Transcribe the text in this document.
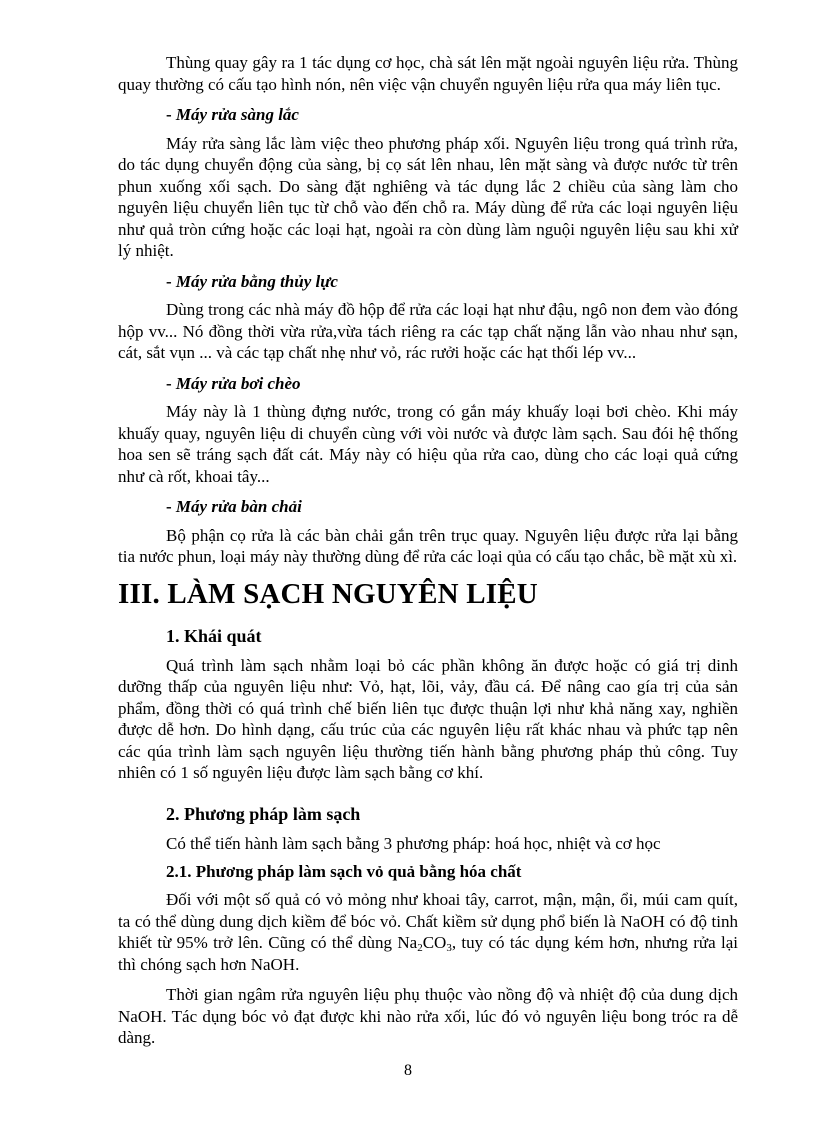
Thùng quay gây ra 1 tác dụng cơ học, chà sát lên mặt ngoài nguyên liệu rửa. Thùng quay thường có cấu tạo hình nón, nên việc vận chuyển nguyên liệu rửa qua máy liên tục.

- Máy rửa sàng lắc

Máy rửa sàng lắc làm việc theo phương pháp xối. Nguyên liệu trong quá trình rửa, do tác dụng chuyển động của sàng, bị cọ sát lên nhau, lên mặt sàng và được nước từ trên phun xuống xối sạch. Do sàng đặt nghiêng và tác dụng lắc 2 chiều của sàng làm cho nguyên liệu chuyển liên tục từ chỗ vào đến chỗ ra. Máy dùng để rửa các loại nguyên liệu như quả tròn cứng hoặc các loại hạt, ngoài ra còn dùng làm nguội nguyên liệu sau khi xử lý nhiệt.

- Máy rửa bằng thủy lực

Dùng trong các nhà máy đồ hộp để rửa các loại hạt như đậu, ngô non đem vào đóng hộp vv... Nó đồng thời vừa rửa,vừa tách riêng ra các tạp chất nặng lẫn vào nhau như sạn, cát, sắt vụn ... và các tạp chất nhẹ như vỏ, rác rưởi hoặc các hạt thối lép vv...

- Máy rửa bơi chèo

Máy này là 1 thùng đựng nước, trong có gắn máy khuấy loại bơi chèo. Khi máy khuấy quay, nguyên liệu di chuyển cùng với vòi nước và được làm sạch. Sau đói hệ thống hoa sen sẽ tráng sạch đất cát. Máy này có hiệu qủa rửa cao, dùng cho các loại quả cứng như cà rốt, khoai tây...

- Máy rửa bàn chải

Bộ phận cọ rửa là các bàn chải gắn trên trục quay. Nguyên liệu được rửa lại bằng tia nước phun, loại máy này thường dùng để rửa các loại qủa có cấu tạo chắc, bề mặt xù xì.

III. LÀM SẠCH NGUYÊN LIỆU
1. Khái quát

Quá trình làm sạch nhằm loại bỏ các phần không ăn được hoặc có giá trị dinh dưỡng thấp của nguyên liệu như: Vỏ, hạt, lõi, vảy, đầu cá. Để nâng cao gía trị của sản phẩm, đồng thời có quá trình chế biến liên tục được thuận lợi như khả năng xay, nghiền được dễ hơn. Do hình dạng, cấu trúc của các nguyên liệu rất khác nhau và phức tạp nên các qúa trình làm sạch nguyên liệu thường tiến hành bằng phương pháp thủ công. Tuy nhiên có 1 số nguyên liệu được làm sạch bằng cơ khí.

2. Phương pháp làm sạch

Có thể tiến hành làm sạch bằng 3 phương pháp: hoá học, nhiệt và cơ học

2.1. Phương pháp làm sạch vỏ quả bằng hóa chất

Đối với một số quả có vỏ mỏng như khoai tây, carrot, mận, mận, ổi, múi cam quít, ta có thể dùng dung dịch kiềm để bóc vỏ. Chất kiềm sử dụng phổ biến là NaOH có độ tinh khiết từ 95% trở lên. Cũng có thể dùng $Na_2CO_3$, tuy có tác dụng kém hơn, nhưng rửa lại thì chóng sạch hơn NaOH.

Thời gian ngâm rửa nguyên liệu phụ thuộc vào nồng độ và nhiệt độ của dung dịch NaOH. Tác dụng bóc vỏ đạt được khi nào rửa xối, lúc đó vỏ nguyên liệu bong tróc ra dễ dàng.

8
